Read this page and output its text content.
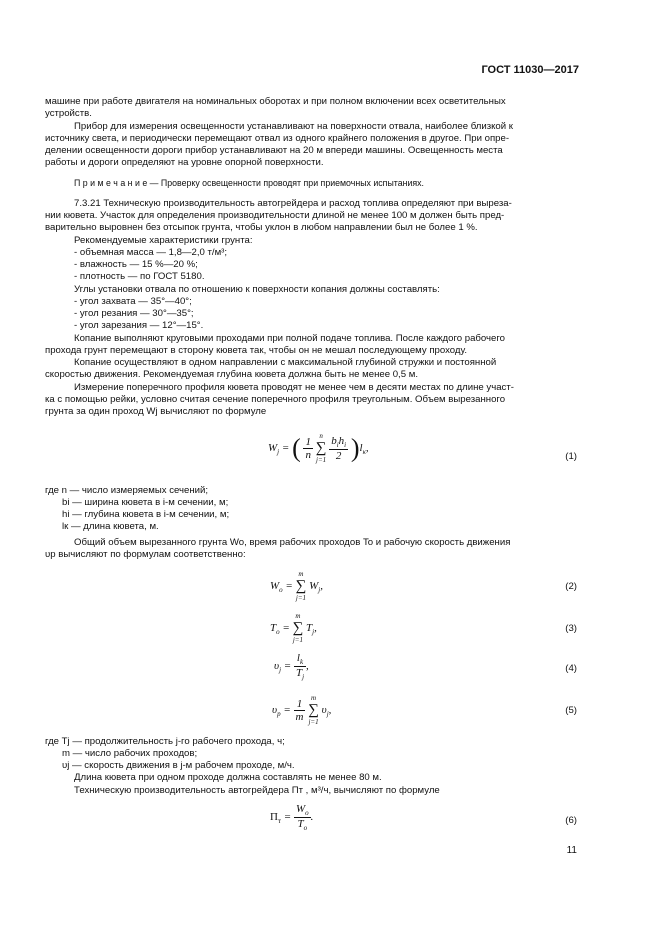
ГОСТ 11030—2017
машине при работе двигателя на номинальных оборотах и при полном включении всех осветительных
устройств.
Прибор для измерения освещенности устанавливают на поверхности отвала, наиболее близкой к
источнику света, и периодически перемещают отвал из одного крайнего положения в другое. При опре-
делении освещенности дороги прибор устанавливают на 20 м впереди машины. Освещенность места
работы и дороги определяют на уровне опорной поверхности.
П р и м е ч а н и е — Проверку освещенности проводят при приемочных испытаниях.
7.3.21 Техническую производительность автогрейдера и расход топлива определяют при выреза-
нии кювета. Участок для определения производительности длиной не менее 100 м должен быть пред-
варительно выровнен без отсыпок грунта, чтобы уклон в любом направлении был не более 1 %.
Рекомендуемые характеристики грунта:
- объемная масса — 1,8—2,0 т/м³;
- влажность — 15 %—20 %;
- плотность — по ГОСТ 5180.
Углы установки отвала по отношению к поверхности копания должны составлять:
- угол захвата — 35°—40°;
- угол резания — 30°—35°;
- угол зарезания — 12°—15°.
Копание выполняют круговыми проходами при полной подаче топлива. После каждого рабочего
прохода грунт перемещают в сторону кювета так, чтобы он не мешал последующему проходу.
Копание осуществляют в одном направлении с максимальной глубиной стружки и постоянной
скоростью движения. Рекомендуемая глубина кювета должна быть не менее 0,5 м.
Измерение поперечного профиля кювета проводят не менее чем в десяти местах по длине участ-
ка с помощью рейки, условно считая сечение поперечного профиля треугольным. Объем вырезанного
грунта за один проход Wj вычисляют по формуле
$W_j$ = ( $\frac{1}{n}$
n
∑
j=1
$\frac{b_ih_i}{2} )l_к$,
(1)
где n — число измеряемых сечений;
bi — ширина кювета в i-м сечении, м;
hi — глубина кювета в i-м сечении, м;
lк — длина кювета, м.
Общий объем вырезанного грунта Wo, время рабочих проходов To и рабочую скорость движения
υp вычисляют по формулам соответственно:
$W_o$ =
m
∑
j=1
$W_j$,	(2)
$T_o$ =
m
∑
j=1
$T_j$,	(3)
$\upsilon_j = \frac{l_k}{T_j}$ ,	(4)
$\upsilon_p = \frac{1}{m}$
m
∑
j=1
$\upsilon_j$,	(5)
где Tj — продолжительность j-го рабочего прохода, ч;
m — число рабочих проходов;
υj — скорость движения в j-м рабочем проходе, м/ч.
Длина кювета при одном проходе должна составлять не менее 80 м.
Техническую производительность автогрейдера Пт , м³/ч, вычисляют по формуле
$П_т = \frac{W_o}{T_o}$ .	(6)
11
